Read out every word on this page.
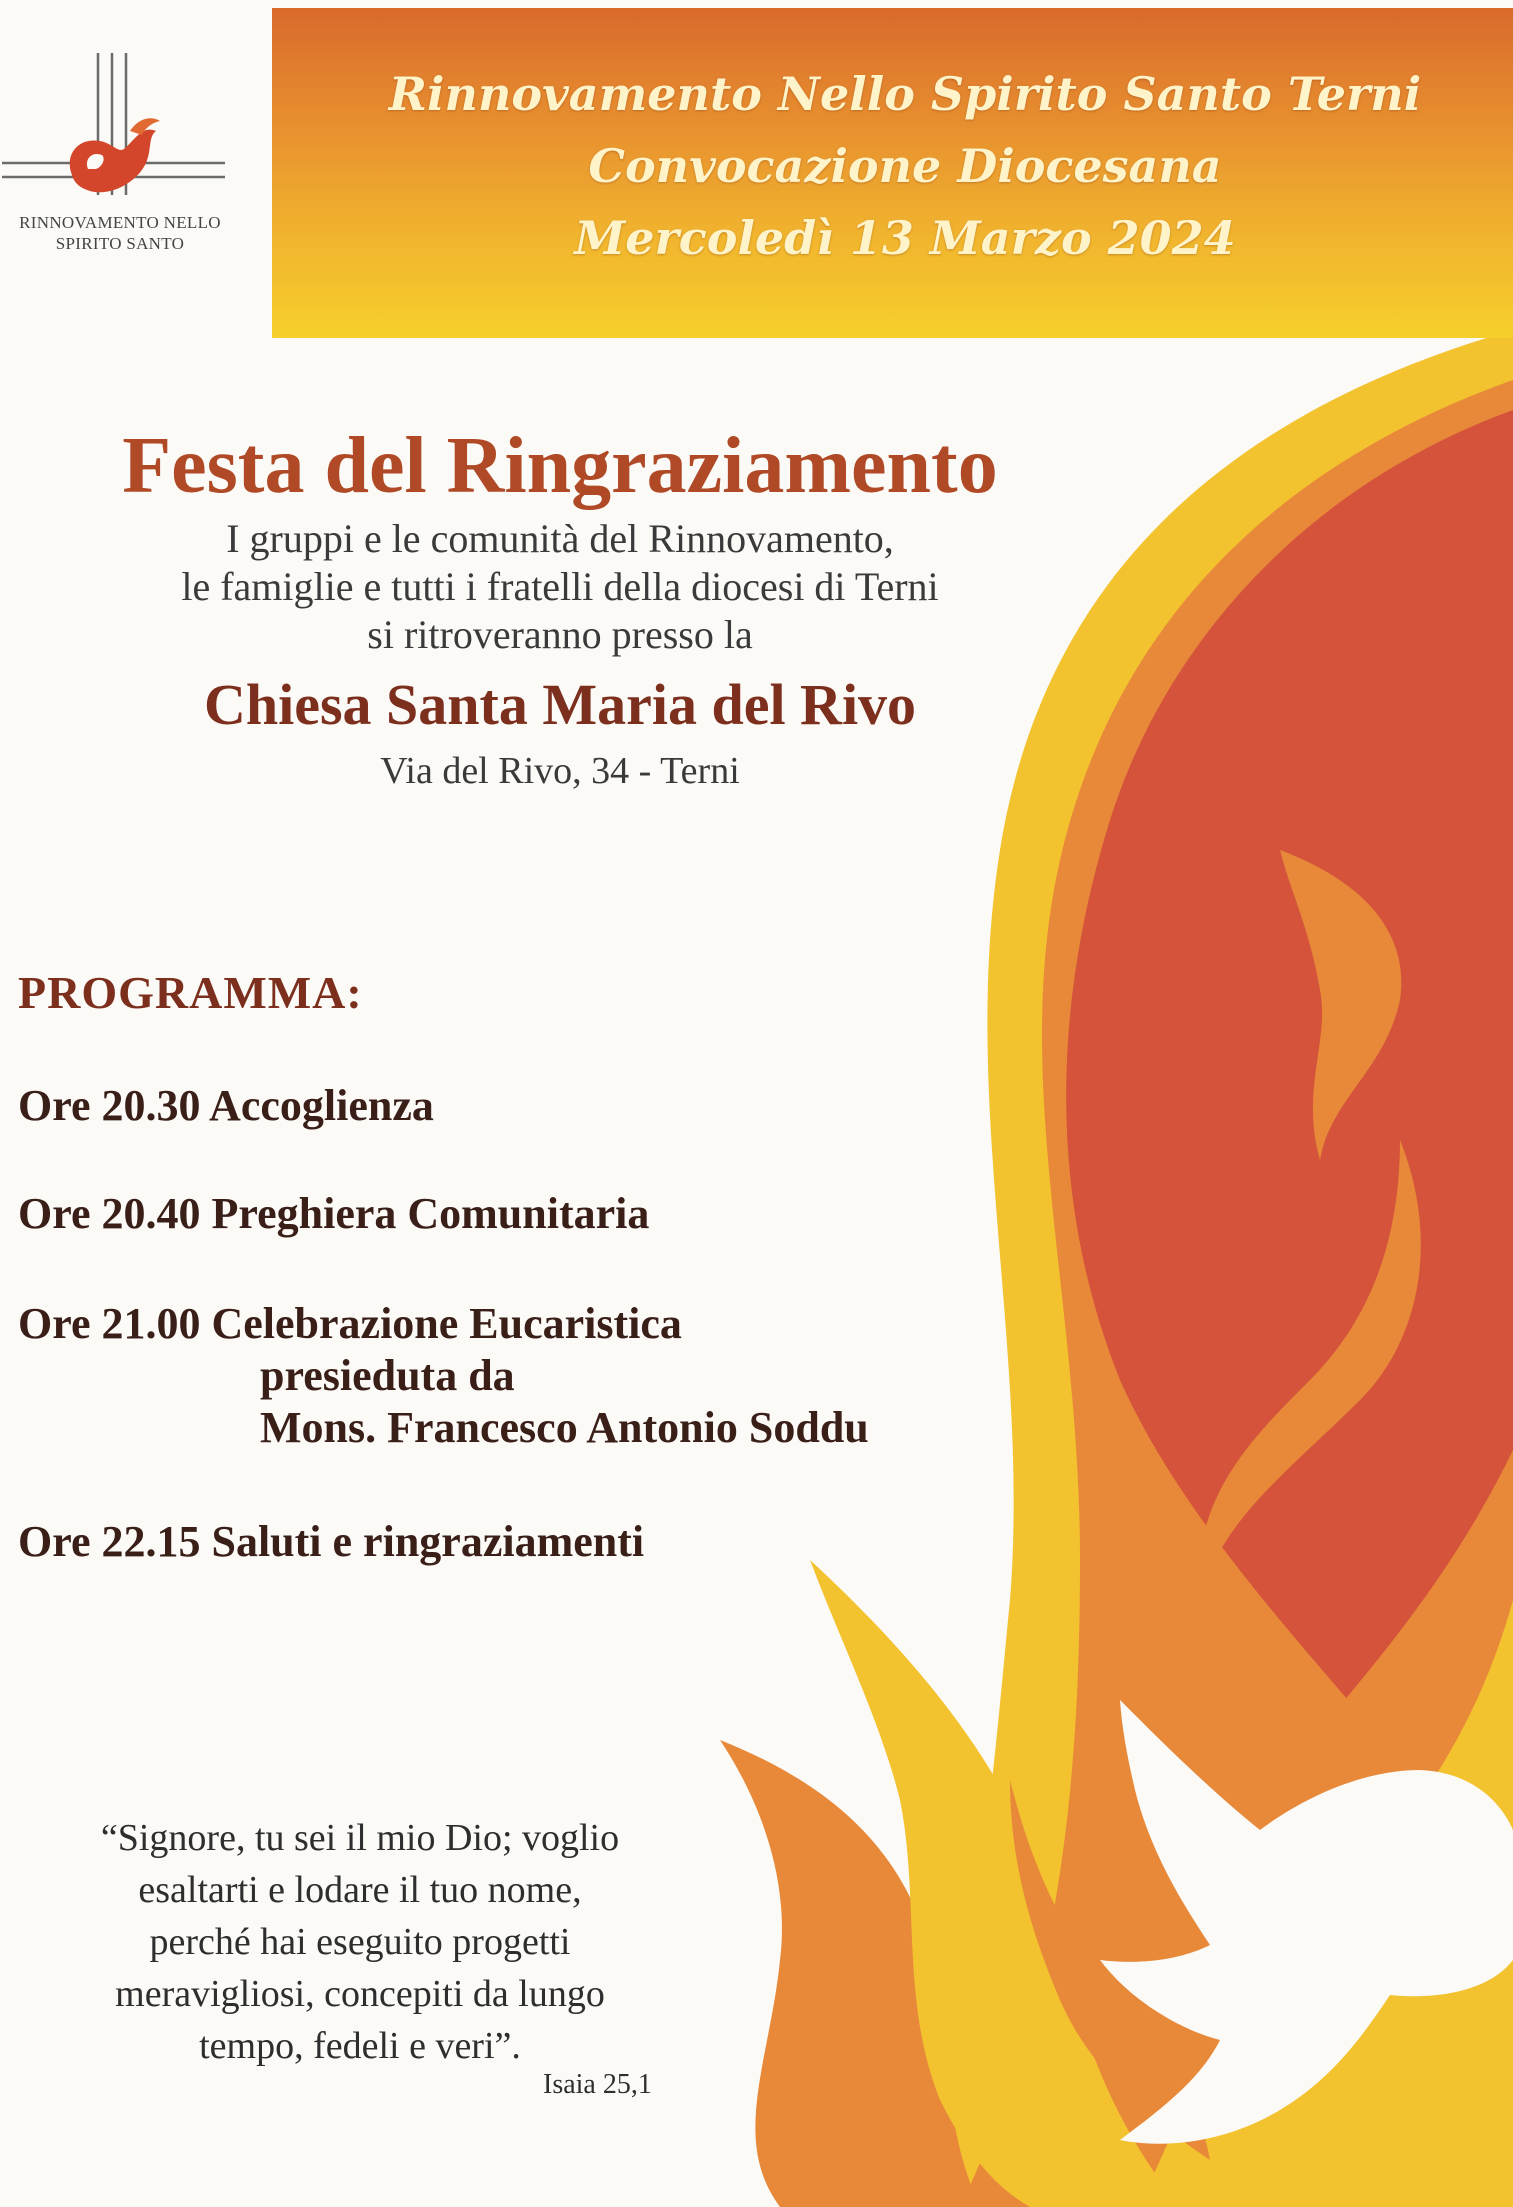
Rinnovamento Nello Spirito Santo Terni
Convocazione Diocesana
Mercoledì 13 Marzo 2024
RINNOVAMENTO NELLO
SPIRITO SANTO
Festa del Ringraziamento
I gruppi e le comunità del Rinnovamento,
le famiglie e tutti i fratelli della diocesi di Terni
si ritroveranno presso la
Chiesa Santa Maria del Rivo
Via del Rivo, 34 - Terni
PROGRAMMA:
Ore 20.30 Accoglienza
Ore 20.40 Preghiera Comunitaria
Ore 21.00 Celebrazione Eucaristica
presieduta da
Mons. Francesco Antonio Soddu
Ore 22.15 Saluti e ringraziamenti
“Signore, tu sei il mio Dio; voglio
esaltarti e lodare il tuo nome,
perché hai eseguito progetti
meravigliosi, concepiti da lungo
tempo, fedeli e veri”.
Isaia 25,1
